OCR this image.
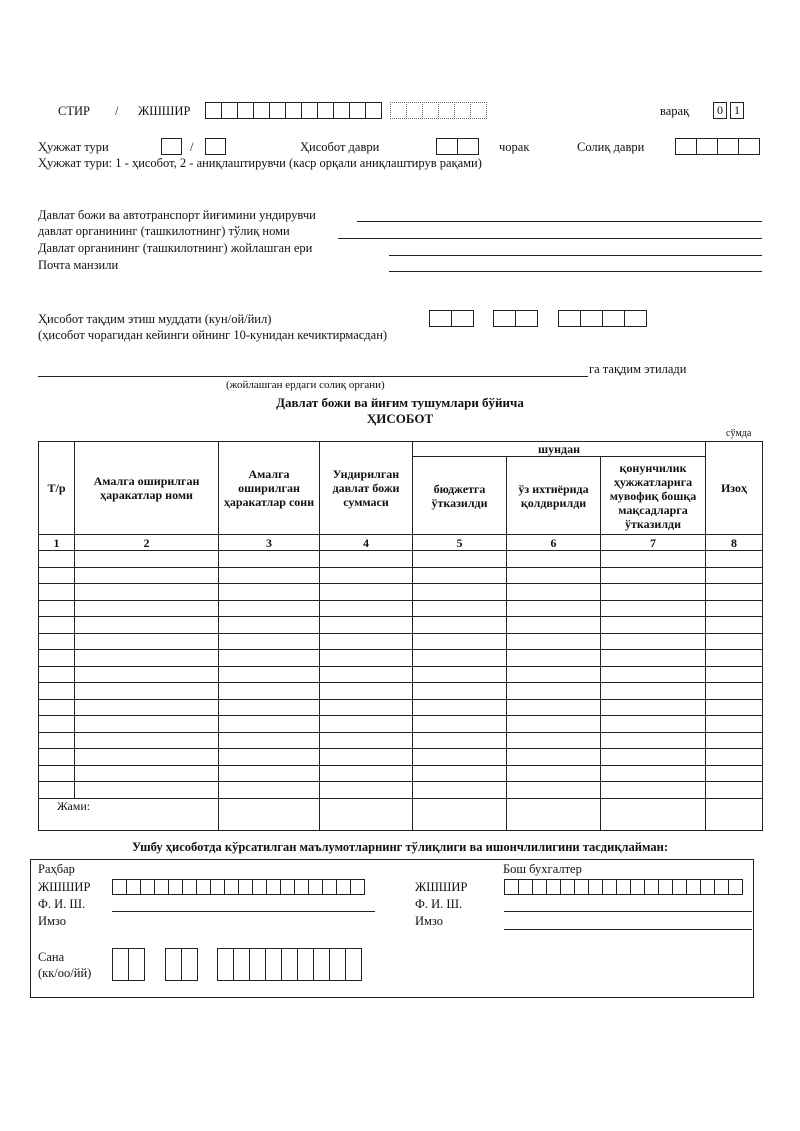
СТИР / ЖШШИР	варақ	0 1
Ҳужжат тури	/	Ҳисобот даври	чорак	Солиқ даври
Ҳужжат тури: 1 - ҳисобот, 2 - аниқлаштирувчи (каср орқали аниқлаштирув рақами)
Давлат божи ва автотранспорт йиғимини ундирувчи
давлат органининг (ташкилотнинг) тўлиқ номи
Давлат органининг (ташкилотнинг) жойлашган ери
Почта манзили
Ҳисобот тақдим этиш муддати (кун/ой/йил)
(ҳисобот чорагидан кейинги ойнинг 10-кунидан кечиктирмасдан)
га тақдим этилади
(жойлашган ердаги солиқ органи)
Давлат божи ва йиғим тушумлари бўйича
ҲИСОБОТ
сўмда
Т/р	Амалга оширилган ҳаракатлар номи	Амалга оширилган ҳаракатлар сони	Ундирилган давлат божи суммаси	шундан			Изоҳ
				бюджетга ўтказилди	ўз ихтиёрида қолдврилди	қонунчилик ҳужжатларига мувофиқ бошқа мақсадларга ўтказилди	
1	2	3	4	5	6	7	8

Жами:							
Ушбу ҳисоботда кўрсатилган маълумотларнинг тўлиқлиги ва ишончлилигини тасдиқлайман:
Раҳбар	Бош бухгалтер
ЖШШИР	ЖШШИР
Ф. И. Ш.	Ф. И. Ш.
Имзо	Имзо
Сана
(кк/оо/йй)
